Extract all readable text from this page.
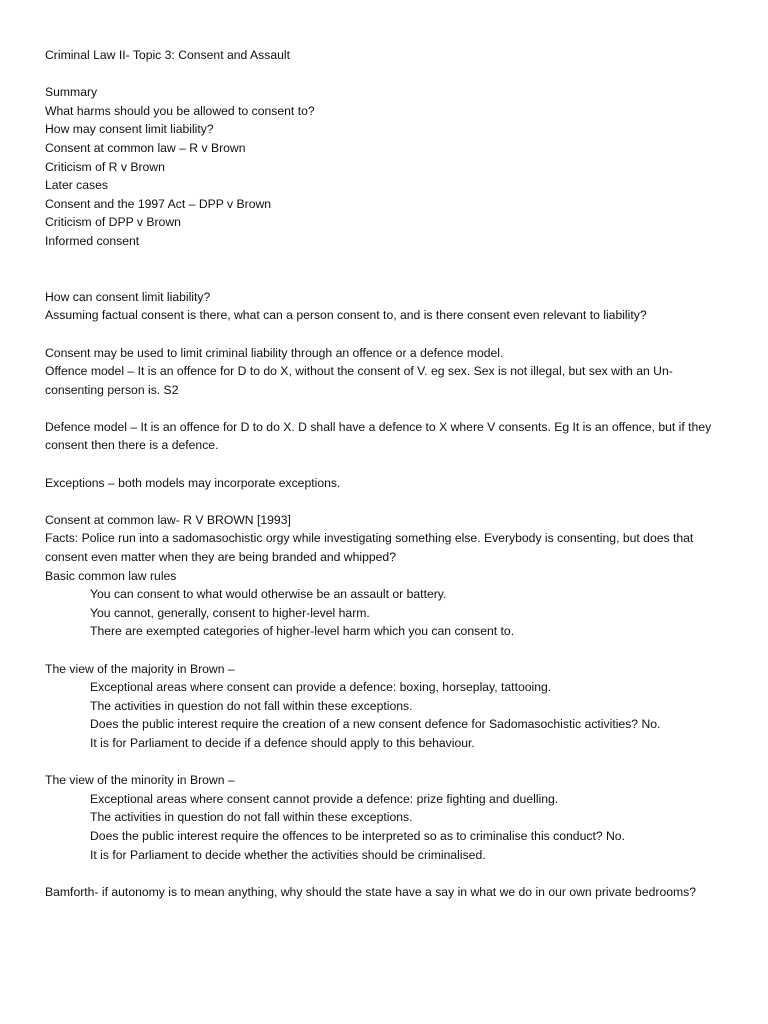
Criminal Law II- Topic 3: Consent and Assault
Summary
What harms should you be allowed to consent to?
How may consent limit liability?
Consent at common law – R v Brown
Criticism of R v Brown
Later cases
Consent and the 1997 Act – DPP v Brown
Criticism of DPP v Brown
Informed consent
How can consent limit liability?
Assuming factual consent is there, what can a person consent to, and is there consent even relevant to liability?
Consent may be used to limit criminal liability through an offence or a defence model.
Offence model – It is an offence for D to do X, without the consent of V. eg sex. Sex is not illegal, but sex with an Un-consenting person is. S2
Defence model – It is an offence for D to do X. D shall have a defence to X where V consents. Eg It is an offence, but if they consent then there is a defence.
Exceptions – both models may incorporate exceptions.
Consent at common law- R V BROWN [1993]
Facts: Police run into a sadomasochistic orgy while investigating something else. Everybody is consenting, but does that consent even matter when they are being branded and whipped?
Basic common law rules
You can consent to what would otherwise be an assault or battery.
You cannot, generally, consent to higher-level harm.
There are exempted categories of higher-level harm which you can consent to.
The view of the majority in Brown –
Exceptional areas where consent can provide a defence: boxing, horseplay, tattooing.
The activities in question do not fall within these exceptions.
Does the public interest require the creation of a new consent defence for Sadomasochistic activities? No.
It is for Parliament to decide if a defence should apply to this behaviour.
The view of the minority in Brown –
Exceptional areas where consent cannot provide a defence: prize fighting and duelling.
The activities in question do not fall within these exceptions.
Does the public interest require the offences to be interpreted so as to criminalise this conduct? No.
It is for Parliament to decide whether the activities should be criminalised.
Bamforth- if autonomy is to mean anything, why should the state have a say in what we do in our own private bedrooms?
